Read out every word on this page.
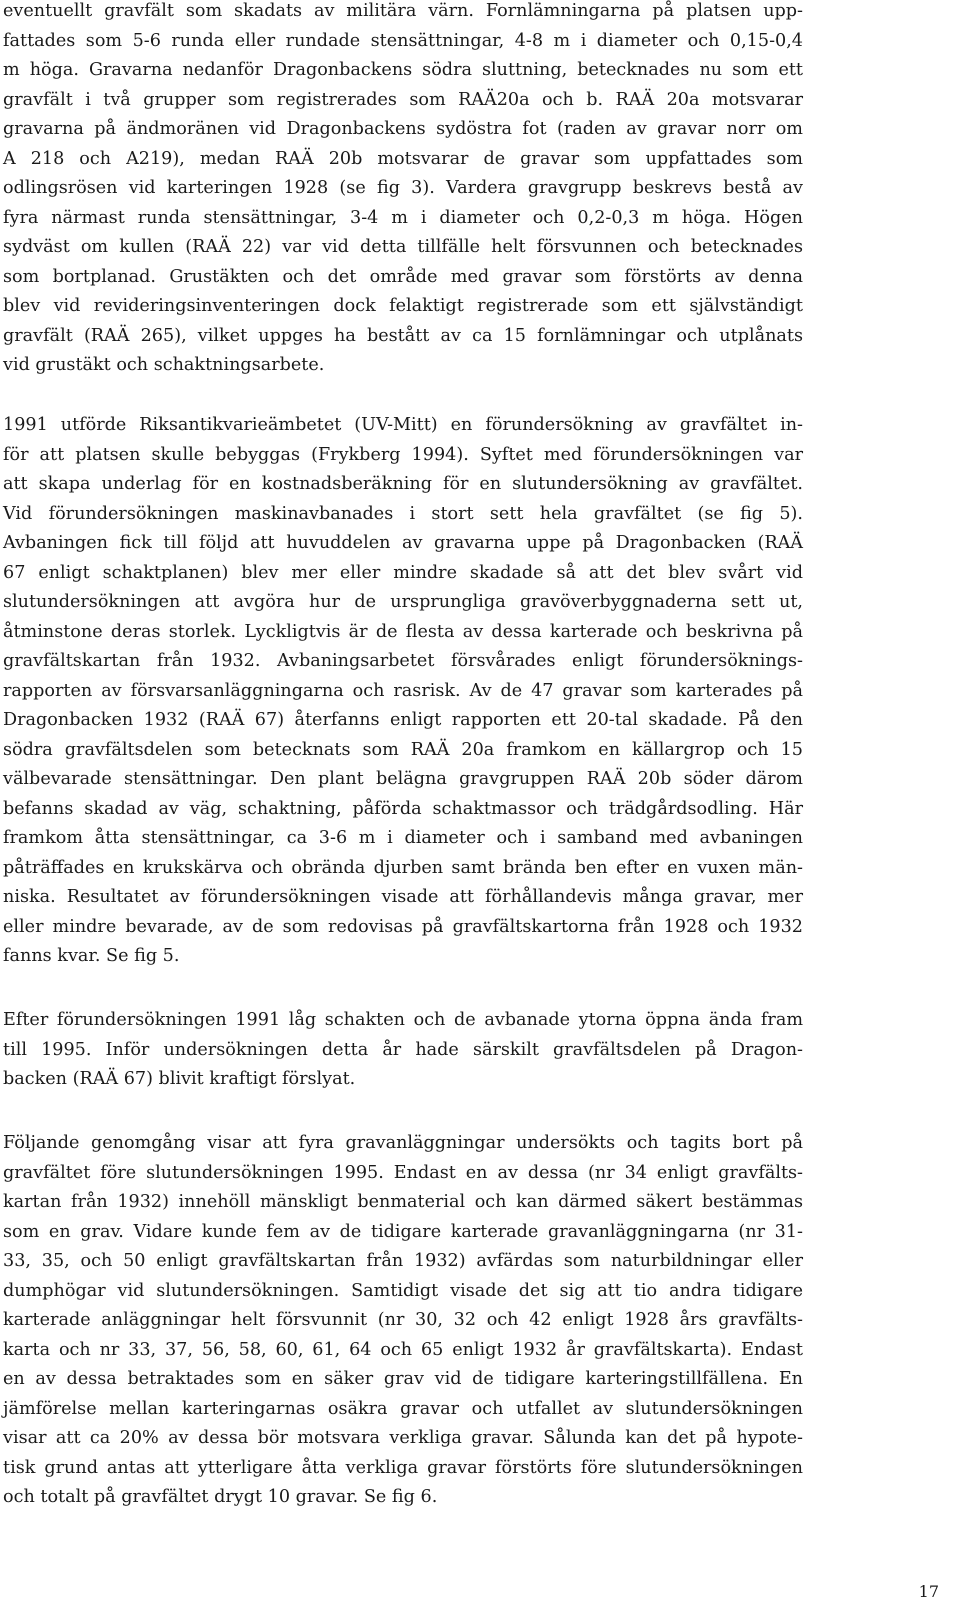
eventuellt gravfält som skadats av militära värn. Fornlämningarna på platsen upp-
fattades som 5-6 runda eller rundade stensättningar, 4-8 m i diameter och 0,15-0,4
m höga. Gravarna nedanför Dragonbackens södra sluttning, betecknades nu som ett
gravfält i två grupper som registrerades som RAÄ20a och b. RAÄ 20a motsvarar
gravarna på ändmoränen vid Dragonbackens sydöstra fot (raden av gravar norr om
A 218 och A219), medan RAÄ 20b motsvarar de gravar som uppfattades som
odlingsrösen vid karteringen 1928 (se fig 3). Vardera gravgrupp beskrevs bestå av
fyra närmast runda stensättningar, 3-4 m i diameter och 0,2-0,3 m höga. Högen
sydväst om kullen (RAÄ 22) var vid detta tillfälle helt försvunnen och betecknades
som bortplanad. Grustäkten och det område med gravar som förstörts av denna
blev vid revideringsinventeringen dock felaktigt registrerade som ett självständigt
gravfält (RAÄ 265), vilket uppges ha bestått av ca 15 fornlämningar och utplånats
vid grustäkt och schaktningsarbete.
1991 utförde Riksantikvarieämbetet (UV-Mitt) en förundersökning av gravfältet in-
för att platsen skulle bebyggas (Frykberg 1994). Syftet med förundersökningen var
att skapa underlag för en kostnadsberäkning för en slutundersökning av gravfältet.
Vid förundersökningen maskinavbanades i stort sett hela gravfältet (se fig 5).
Avbaningen fick till följd att huvuddelen av gravarna uppe på Dragonbacken (RAÄ
67 enligt schaktplanen) blev mer eller mindre skadade så att det blev svårt vid
slutundersökningen att avgöra hur de ursprungliga gravöverbyggnaderna sett ut,
åtminstone deras storlek. Lyckligtvis är de flesta av dessa karterade och beskrivna på
gravfältskartan från 1932. Avbaningsarbetet försvårades enligt förundersöknings-
rapporten av försvarsanläggningarna och rasrisk. Av de 47 gravar som karterades på
Dragonbacken 1932 (RAÄ 67) återfanns enligt rapporten ett 20-tal skadade. På den
södra gravfältsdelen som betecknats som RAÄ 20a framkom en källargrop och 15
välbevarade stensättningar. Den plant belägna gravgruppen RAÄ 20b söder därom
befanns skadad av väg, schaktning, påförda schaktmassor och trädgårdsodling. Här
framkom åtta stensättningar, ca 3-6 m i diameter och i samband med avbaningen
påträffades en krukskärva och obrända djurben samt brända ben efter en vuxen män-
niska. Resultatet av förundersökningen visade att förhållandevis många gravar, mer
eller mindre bevarade, av de som redovisas på gravfältskartorna från 1928 och 1932
fanns kvar. Se fig 5.
Efter förundersökningen 1991 låg schakten och de avbanade ytorna öppna ända fram
till 1995. Inför undersökningen detta år hade särskilt gravfältsdelen på Dragon-
backen (RAÄ 67) blivit kraftigt förslyat.
Följande genomgång visar att fyra gravanläggningar undersökts och tagits bort på
gravfältet före slutundersökningen 1995. Endast en av dessa (nr 34 enligt gravfälts-
kartan från 1932) innehöll mänskligt benmaterial och kan därmed säkert bestämmas
som en grav. Vidare kunde fem av de tidigare karterade gravanläggningarna (nr 31-
33, 35, och 50 enligt gravfältskartan från 1932) avfärdas som naturbildningar eller
dumphögar vid slutundersökningen. Samtidigt visade det sig att tio andra tidigare
karterade anläggningar helt försvunnit (nr 30, 32 och 42 enligt 1928 års gravfälts-
karta och nr 33, 37, 56, 58, 60, 61, 64 och 65 enligt 1932 år gravfältskarta). Endast
en av dessa betraktades som en säker grav vid de tidigare karteringstillfällena. En
jämförelse mellan karteringarnas osäkra gravar och utfallet av slutundersökningen
visar att ca 20% av dessa bör motsvara verkliga gravar. Sålunda kan det på hypote-
tisk grund antas att ytterligare åtta verkliga gravar förstörts före slutundersökningen
och totalt på gravfältet drygt 10 gravar. Se fig 6.
17
